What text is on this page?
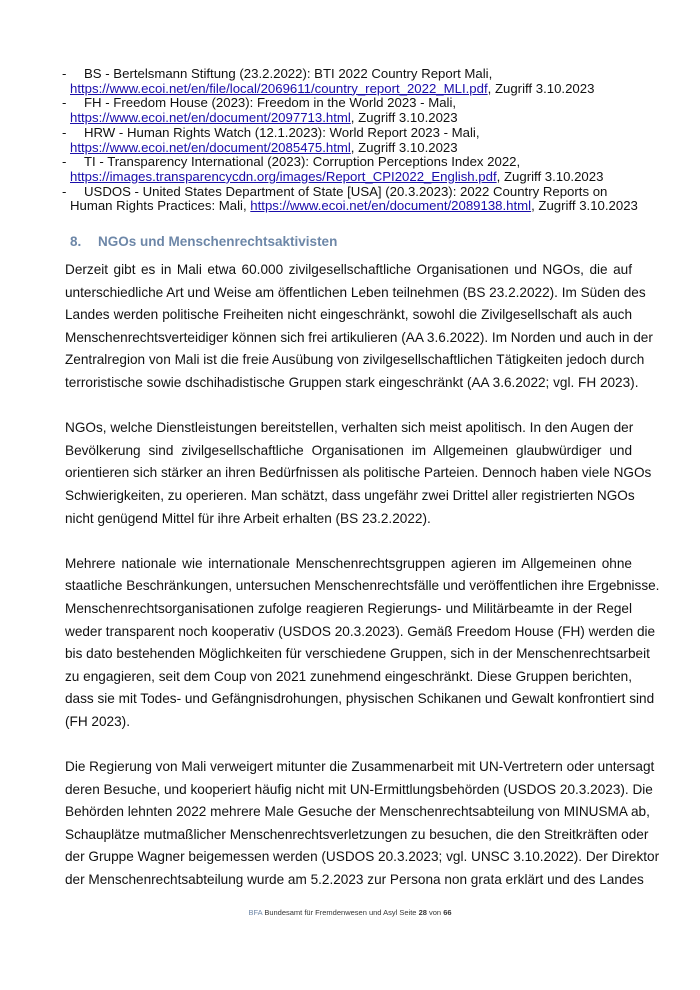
- BS - Bertelsmann Stiftung (23.2.2022): BTI 2022 Country Report Mali,
https://www.ecoi.net/en/file/local/2069611/country_report_2022_MLI.pdf, Zugriff 3.10.2023
- FH - Freedom House (2023): Freedom in the World 2023 - Mali,
https://www.ecoi.net/en/document/2097713.html, Zugriff 3.10.2023
- HRW - Human Rights Watch (12.1.2023): World Report 2023 - Mali,
https://www.ecoi.net/en/document/2085475.html, Zugriff 3.10.2023
- TI - Transparency International (2023): Corruption Perceptions Index 2022,
https://images.transparencycdn.org/images/Report_CPI2022_English.pdf, Zugriff 3.10.2023
- USDOS - United States Department of State [USA] (20.3.2023): 2022 Country Reports on
Human Rights Practices: Mali, https://www.ecoi.net/en/document/2089138.html, Zugriff 3.10.2023
8. NGOs und Menschenrechtsaktivisten
Derzeit gibt es in Mali etwa 60.000 zivilgesellschaftliche Organisationen und NGOs, die auf
unterschiedliche Art und Weise am öffentlichen Leben teilnehmen (BS 23.2.2022). Im Süden des
Landes werden politische Freiheiten nicht eingeschränkt, sowohl die Zivilgesellschaft als auch
Menschenrechtsverteidiger können sich frei artikulieren (AA 3.6.2022). Im Norden und auch in der
Zentralregion von Mali ist die freie Ausübung von zivilgesellschaftlichen Tätigkeiten jedoch durch
terroristische sowie dschihadistische Gruppen stark eingeschränkt (AA 3.6.2022; vgl. FH 2023).
NGOs, welche Dienstleistungen bereitstellen, verhalten sich meist apolitisch. In den Augen der
Bevölkerung sind zivilgesellschaftliche Organisationen im Allgemeinen glaubwürdiger und
orientieren sich stärker an ihren Bedürfnissen als politische Parteien. Dennoch haben viele NGOs
Schwierigkeiten, zu operieren. Man schätzt, dass ungefähr zwei Drittel aller registrierten NGOs
nicht genügend Mittel für ihre Arbeit erhalten (BS 23.2.2022).
Mehrere nationale wie internationale Menschenrechtsgruppen agieren im Allgemeinen ohne
staatliche Beschränkungen, untersuchen Menschenrechtsfälle und veröffentlichen ihre Ergebnisse.
Menschenrechtsorganisationen zufolge reagieren Regierungs- und Militärbeamte in der Regel
weder transparent noch kooperativ (USDOS 20.3.2023). Gemäß Freedom House (FH) werden die
bis dato bestehenden Möglichkeiten für verschiedene Gruppen, sich in der Menschenrechtsarbeit
zu engagieren, seit dem Coup von 2021 zunehmend eingeschränkt. Diese Gruppen berichten,
dass sie mit Todes- und Gefängnisdrohungen, physischen Schikanen und Gewalt konfrontiert sind
(FH 2023).
Die Regierung von Mali verweigert mitunter die Zusammenarbeit mit UN-Vertretern oder untersagt
deren Besuche, und kooperiert häufig nicht mit UN-Ermittlungsbehörden (USDOS 20.3.2023). Die
Behörden lehnten 2022 mehrere Male Gesuche der Menschenrechtsabteilung von MINUSMA ab,
Schauplätze mutmaßlicher Menschenrechtsverletzungen zu besuchen, die den Streitkräften oder
der Gruppe Wagner beigemessen werden (USDOS 20.3.2023; vgl. UNSC 3.10.2022). Der Direktor
der Menschenrechtsabteilung wurde am 5.2.2023 zur Persona non grata erklärt und des Landes
BFA Bundesamt für Fremdenwesen und Asyl Seite 28 von 66
